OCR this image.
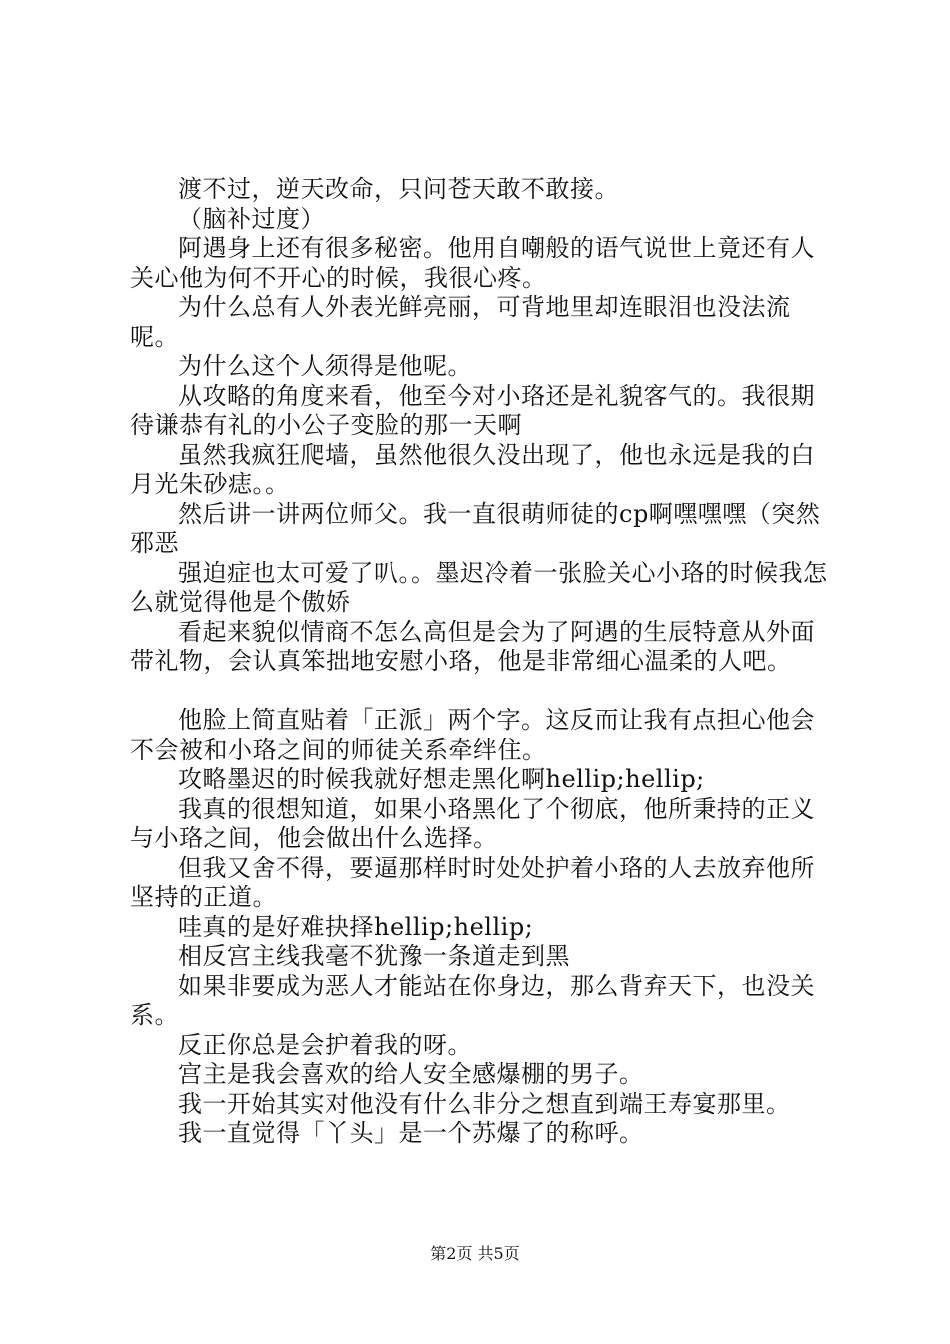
渡不过，逆天改命，只问苍天敢不敢接。

（脑补过度）

阿遇身上还有很多秘密。他用自嘲般的语气说世上竟还有人关心他为何不开心的时候，我很心疼。

为什么总有人外表光鲜亮丽，可背地里却连眼泪也没法流呢。

为什么这个人须得是他呢。

从攻略的角度来看，他至今对小珞还是礼貌客气的。我很期待谦恭有礼的小公子变脸的那一天啊

虽然我疯狂爬墙，虽然他很久没出现了，他也永远是我的白月光朱砂痣。。

然后讲一讲两位师父。我一直很萌师徒的cp啊嘿嘿嘿（突然邪恶

强迫症也太可爱了叭。。墨迟冷着一张脸关心小珞的时候我怎么就觉得他是个傲娇

看起来貌似情商不怎么高但是会为了阿遇的生辰特意从外面带礼物，会认真笨拙地安慰小珞，他是非常细心温柔的人吧。

他脸上简直贴着「正派」两个字。这反而让我有点担心他会不会被和小珞之间的师徒关系牵绊住。

攻略墨迟的时候我就好想走黑化啊hellip;hellip;

我真的很想知道，如果小珞黑化了个彻底，他所秉持的正义与小珞之间，他会做出什么选择。

但我又舍不得，要逼那样时时处处护着小珞的人去放弃他所坚持的正道。

哇真的是好难抉择hellip;hellip;

相反宫主线我毫不犹豫一条道走到黑

如果非要成为恶人才能站在你身边，那么背弃天下，也没关系。

反正你总是会护着我的呀。

宫主是我会喜欢的给人安全感爆棚的男子。

我一开始其实对他没有什么非分之想直到端王寿宴那里。

我一直觉得「丫头」是一个苏爆了的称呼。

第2页 共5页
